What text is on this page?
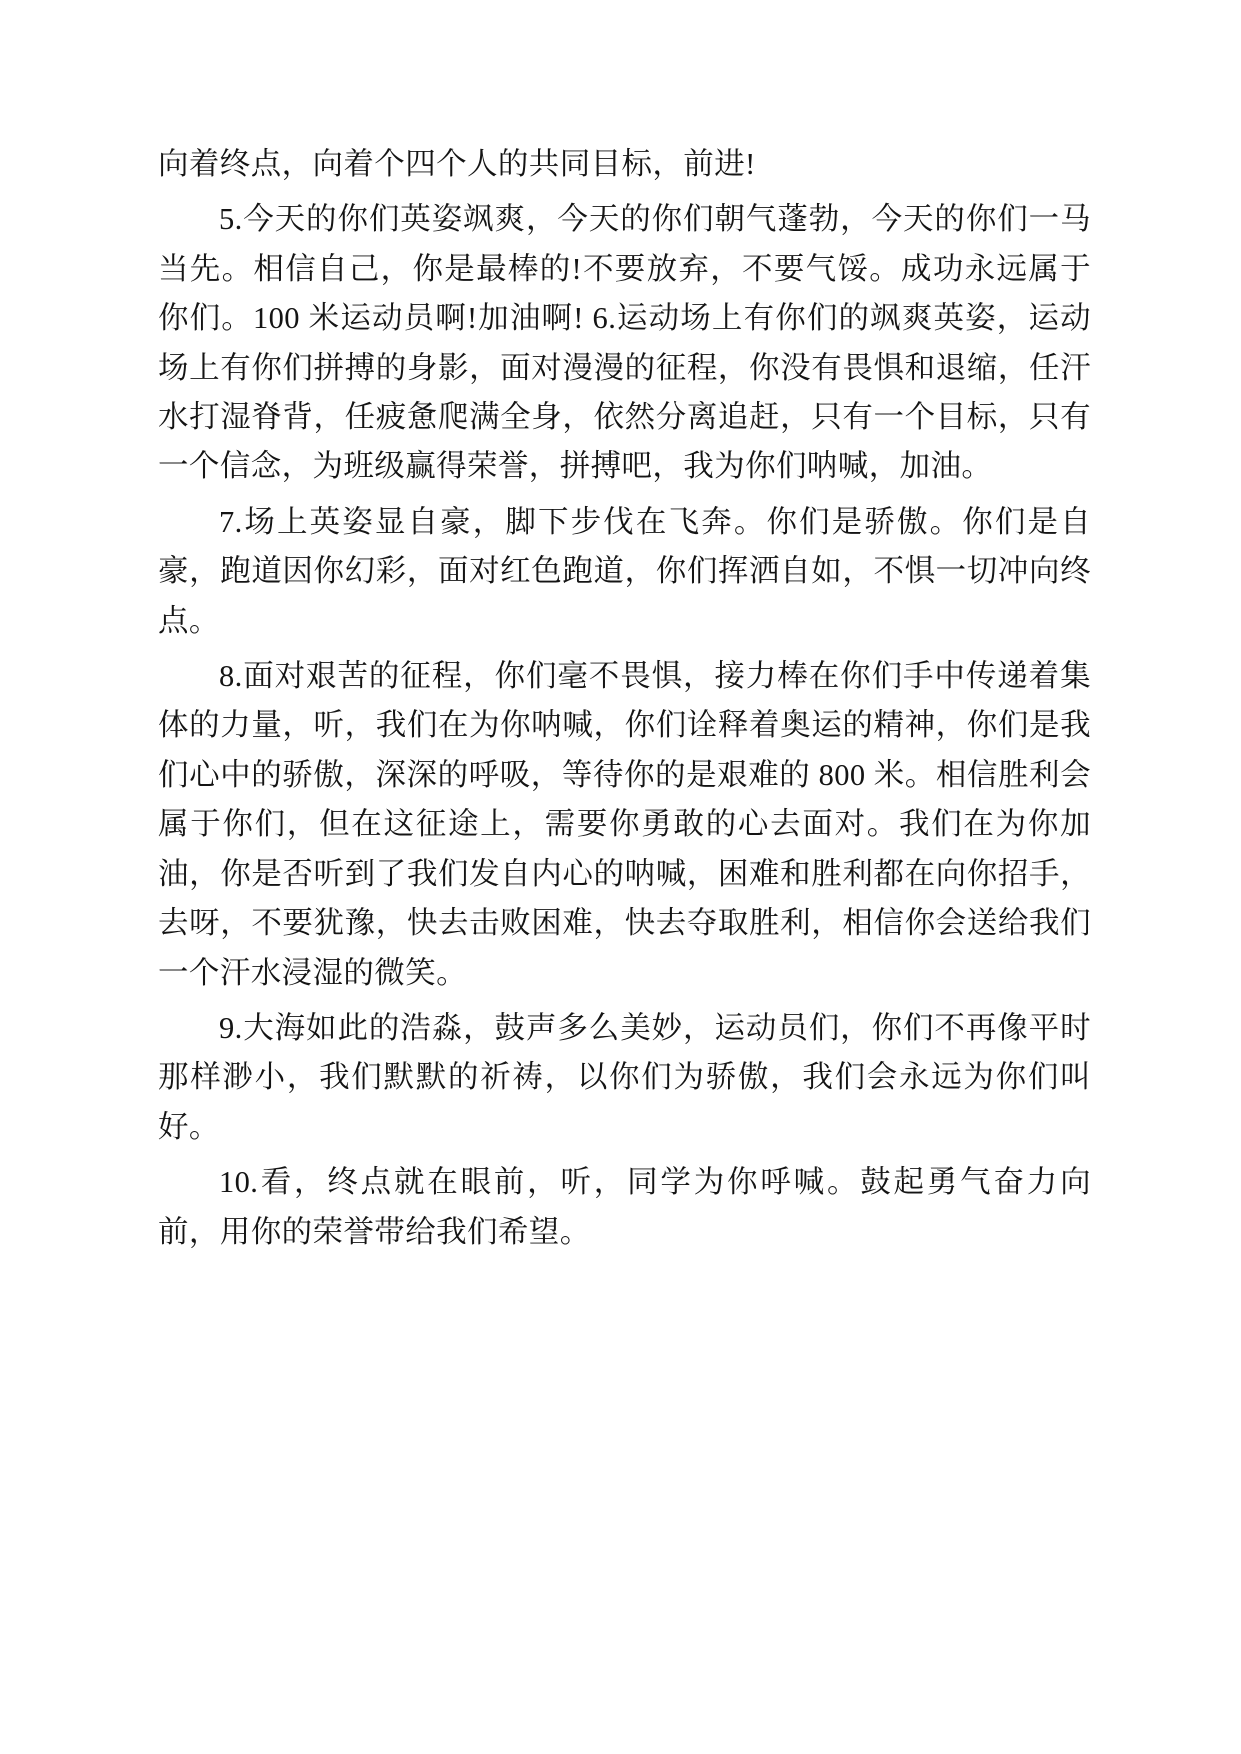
向着终点，向着个四个人的共同目标，前进!

5.今天的你们英姿飒爽，今天的你们朝气蓬勃，今天的你们一马当先。相信自己，你是最棒的!不要放弃，不要气馁。成功永远属于你们。100 米运动员啊!加油啊! 6.运动场上有你们的飒爽英姿，运动场上有你们拼搏的身影，面对漫漫的征程，你没有畏惧和退缩，任汗水打湿脊背，任疲惫爬满全身，依然分离追赶，只有一个目标，只有一个信念，为班级赢得荣誉，拼搏吧，我为你们呐喊，加油。

7.场上英姿显自豪，脚下步伐在飞奔。你们是骄傲。你们是自豪，跑道因你幻彩，面对红色跑道，你们挥洒自如，不惧一切冲向终点。

8.面对艰苦的征程，你们毫不畏惧，接力棒在你们手中传递着集体的力量，听，我们在为你呐喊，你们诠释着奥运的精神，你们是我们心中的骄傲，深深的呼吸，等待你的是艰难的 800 米。相信胜利会属于你们，但在这征途上，需要你勇敢的心去面对。我们在为你加油，你是否听到了我们发自内心的呐喊，困难和胜利都在向你招手，去呀，不要犹豫，快去击败困难，快去夺取胜利，相信你会送给我们一个汗水浸湿的微笑。

9.大海如此的浩淼，鼓声多么美妙，运动员们，你们不再像平时那样渺小，我们默默的祈祷，以你们为骄傲，我们会永远为你们叫好。

10.看，终点就在眼前，听，同学为你呼喊。鼓起勇气奋力向前，用你的荣誉带给我们希望。
